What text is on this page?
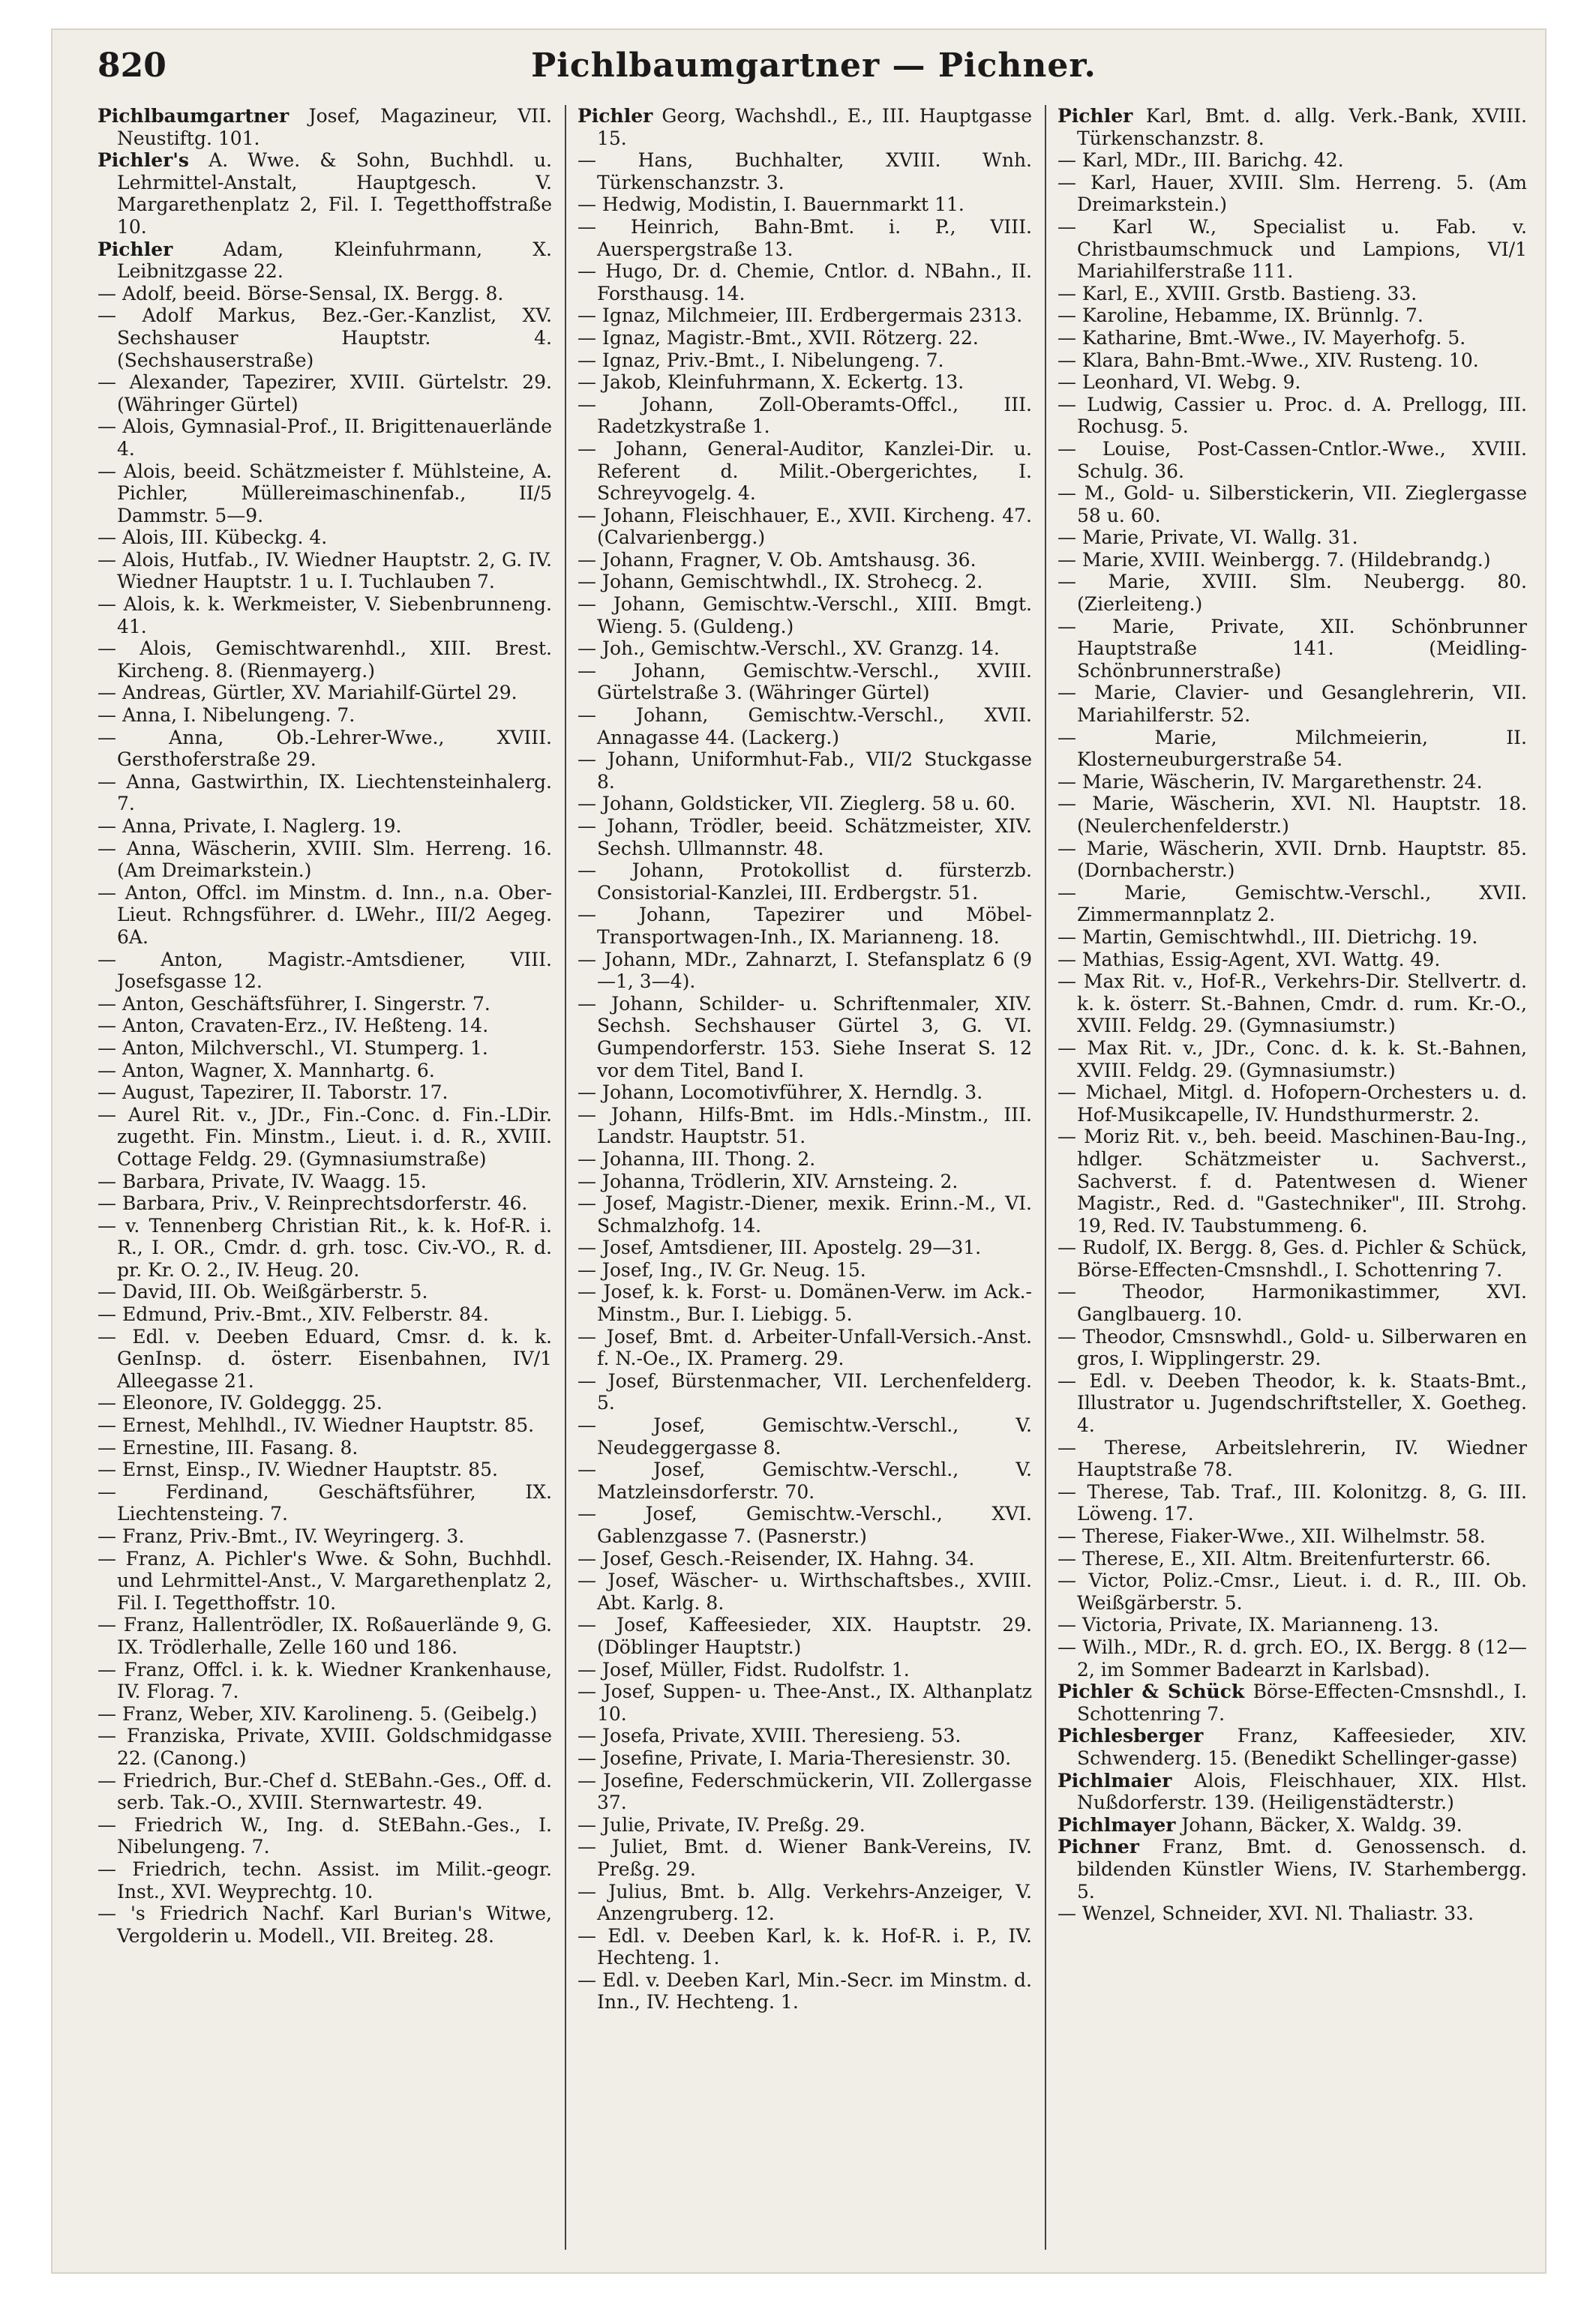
820	Pichlbaumgartner — Pichner.

Pichlbaumgartner Josef, Magazineur, VII. Neustiftg. 101.

Pichler's A. Wwe. & Sohn, Buchhdl. u. Lehrmittel-Anstalt, Hauptgesch. V. Margarethenplatz 2, Fil. I. Tegetthoffstraße 10.

Pichler Adam, Kleinfuhrmann, X. Leibnitzgasse 22.

— Adolf, beeid. Börse-Sensal, IX. Bergg. 8.

— Adolf Markus, Bez.-Ger.-Kanzlist, XV. Sechshauser Hauptstr. 4. (Sechshauserstraße)

— Alexander, Tapezirer, XVIII. Gürtelstr. 29. (Währinger Gürtel)

— Alois, Gymnasial-Prof., II. Brigittenauerlände 4.

— Alois, beeid. Schätzmeister f. Mühlsteine, A. Pichler, Müllereimaschinenfab., II/5 Dammstr. 5—9.

— Alois, III. Kübeckg. 4.

— Alois, Hutfab., IV. Wiedner Hauptstr. 2, G. IV. Wiedner Hauptstr. 1 u. I. Tuchlauben 7.

— Alois, k. k. Werkmeister, V. Siebenbrunneng. 41.

— Alois, Gemischtwarenhdl., XIII. Brest. Kircheng. 8. (Rienmayerg.)

— Andreas, Gürtler, XV. Mariahilf-Gürtel 29.

— Anna, I. Nibelungeng. 7.

— Anna, Ob.-Lehrer-Wwe., XVIII. Gersthoferstraße 29.

— Anna, Gastwirthin, IX. Liechtensteinhalerg. 7.

— Anna, Private, I. Naglerg. 19.

— Anna, Wäscherin, XVIII. Slm. Herreng. 16. (Am Dreimarkstein.)

— Anton, Offcl. im Minstm. d. Inn., n.a. Ober-Lieut. Rchngsführer. d. LWehr., III/2 Aegeg. 6A.

— Anton, Magistr.-Amtsdiener, VIII. Josefsgasse 12.

— Anton, Geschäftsführer, I. Singerstr. 7.

— Anton, Cravaten-Erz., IV. Heßteng. 14.

— Anton, Milchverschl., VI. Stumperg. 1.

— Anton, Wagner, X. Mannhartg. 6.

— August, Tapezirer, II. Taborstr. 17.

— Aurel Rit. v., JDr., Fin.-Conc. d. Fin.-LDir. zugetht. Fin. Minstm., Lieut. i. d. R., XVIII. Cottage Feldg. 29. (Gymnasiumstraße)

— Barbara, Private, IV. Waagg. 15.

— Barbara, Priv., V. Reinprechtsdorferstr. 46.

— v. Tennenberg Christian Rit., k. k. Hof-R. i. R., I. OR., Cmdr. d. grh. tosc. Civ.-VO., R. d. pr. Kr. O. 2., IV. Heug. 20.

— David, III. Ob. Weißgärberstr. 5.

— Edmund, Priv.-Bmt., XIV. Felberstr. 84.

— Edl. v. Deeben Eduard, Cmsr. d. k. k. GenInsp. d. österr. Eisenbahnen, IV/1 Alleegasse 21.

— Eleonore, IV. Goldeggg. 25.

— Ernest, Mehlhdl., IV. Wiedner Hauptstr. 85.

— Ernestine, III. Fasang. 8.

— Ernst, Einsp., IV. Wiedner Hauptstr. 85.

— Ferdinand, Geschäftsführer, IX. Liechtensteing. 7.

— Franz, Priv.-Bmt., IV. Weyringerg. 3.

— Franz, A. Pichler's Wwe. & Sohn, Buchhdl. und Lehrmittel-Anst., V. Margarethenplatz 2, Fil. I. Tegetthoffstr. 10.

— Franz, Hallentrödler, IX. Roßauerlände 9, G. IX. Trödlerhalle, Zelle 160 und 186.

— Franz, Offcl. i. k. k. Wiedner Krankenhause, IV. Florag. 7.

— Franz, Weber, XIV. Karolineng. 5. (Geibelg.)

— Franziska, Private, XVIII. Goldschmidgasse 22. (Canong.)

— Friedrich, Bur.-Chef d. StEBahn.-Ges., Off. d. serb. Tak.-O., XVIII. Sternwartestr. 49.

— Friedrich W., Ing. d. StEBahn.-Ges., I. Nibelungeng. 7.

— Friedrich, techn. Assist. im Milit.-geogr. Inst., XVI. Weyprechtg. 10.

— 's Friedrich Nachf. Karl Burian's Witwe, Vergolderin u. Modell., VII. Breiteg. 28.

Pichler Georg, Wachshdl., E., III. Hauptgasse 15.

— Hans, Buchhalter, XVIII. Wnh. Türkenschanzstr. 3.

— Hedwig, Modistin, I. Bauernmarkt 11.

— Heinrich, Bahn-Bmt. i. P., VIII. Auerspergstraße 13.

— Hugo, Dr. d. Chemie, Cntlor. d. NBahn., II. Forsthausg. 14.

— Ignaz, Milchmeier, III. Erdbergermais 2313.

— Ignaz, Magistr.-Bmt., XVII. Rötzerg. 22.

— Ignaz, Priv.-Bmt., I. Nibelungeng. 7.

— Jakob, Kleinfuhrmann, X. Eckertg. 13.

— Johann, Zoll-Oberamts-Offcl., III. Radetzkystraße 1.

— Johann, General-Auditor, Kanzlei-Dir. u. Referent d. Milit.-Obergerichtes, I. Schreyvogelg. 4.

— Johann, Fleischhauer, E., XVII. Kircheng. 47. (Calvarienbergg.)

— Johann, Fragner, V. Ob. Amtshausg. 36.

— Johann, Gemischtwhdl., IX. Strohecg. 2.

— Johann, Gemischtw.-Verschl., XIII. Bmgt. Wieng. 5. (Guldeng.)

— Joh., Gemischtw.-Verschl., XV. Granzg. 14.

— Johann, Gemischtw.-Verschl., XVIII. Gürtelstraße 3. (Währinger Gürtel)

— Johann, Gemischtw.-Verschl., XVII. Annagasse 44. (Lackerg.)

— Johann, Uniformhut-Fab., VII/2 Stuckgasse 8.

— Johann, Goldsticker, VII. Zieglerg. 58 u. 60.

— Johann, Trödler, beeid. Schätzmeister, XIV. Sechsh. Ullmannstr. 48.

— Johann, Protokollist d. fürsterzb. Consistorial-Kanzlei, III. Erdbergstr. 51.

— Johann, Tapezirer und Möbel-Transportwagen-Inh., IX. Marianneng. 18.

— Johann, MDr., Zahnarzt, I. Stefansplatz 6 (9—1, 3—4).

— Johann, Schilder- u. Schriftenmaler, XIV. Sechsh. Sechshauser Gürtel 3, G. VI. Gumpendorferstr. 153. Siehe Inserat S. 12 vor dem Titel, Band I.

— Johann, Locomotivführer, X. Herndlg. 3.

— Johann, Hilfs-Bmt. im Hdls.-Minstm., III. Landstr. Hauptstr. 51.

— Johanna, III. Thong. 2.

— Johanna, Trödlerin, XIV. Arnsteing. 2.

— Josef, Magistr.-Diener, mexik. Erinn.-M., VI. Schmalzhofg. 14.

— Josef, Amtsdiener, III. Apostelg. 29—31.

— Josef, Ing., IV. Gr. Neug. 15.

— Josef, k. k. Forst- u. Domänen-Verw. im Ack.-Minstm., Bur. I. Liebigg. 5.

— Josef, Bmt. d. Arbeiter-Unfall-Versich.-Anst. f. N.-Oe., IX. Pramerg. 29.

— Josef, Bürstenmacher, VII. Lerchenfelderg. 5.

— Josef, Gemischtw.-Verschl., V. Neudeggergasse 8.

— Josef, Gemischtw.-Verschl., V. Matzleinsdorferstr. 70.

— Josef, Gemischtw.-Verschl., XVI. Gablenzgasse 7. (Pasnerstr.)

— Josef, Gesch.-Reisender, IX. Hahng. 34.

— Josef, Wäscher- u. Wirthschaftsbes., XVIII. Abt. Karlg. 8.

— Josef, Kaffeesieder, XIX. Hauptstr. 29. (Döblinger Hauptstr.)

— Josef, Müller, Fidst. Rudolfstr. 1.

— Josef, Suppen- u. Thee-Anst., IX. Althanplatz 10.

— Josefa, Private, XVIII. Theresieng. 53.

— Josefine, Private, I. Maria-Theresienstr. 30.

— Josefine, Federschmückerin, VII. Zollergasse 37.

— Julie, Private, IV. Preßg. 29.

— Juliet, Bmt. d. Wiener Bank-Vereins, IV. Preßg. 29.

— Julius, Bmt. b. Allg. Verkehrs-Anzeiger, V. Anzengruberg. 12.

— Edl. v. Deeben Karl, k. k. Hof-R. i. P., IV. Hechteng. 1.

— Edl. v. Deeben Karl, Min.-Secr. im Minstm. d. Inn., IV. Hechteng. 1.

Pichler Karl, Bmt. d. allg. Verk.-Bank, XVIII. Türkenschanzstr. 8.

— Karl, MDr., III. Barichg. 42.

— Karl, Hauer, XVIII. Slm. Herreng. 5. (Am Dreimarkstein.)

— Karl W., Specialist u. Fab. v. Christbaumschmuck und Lampions, VI/1 Mariahilferstraße 111.

— Karl, E., XVIII. Grstb. Bastieng. 33.

— Karoline, Hebamme, IX. Brünnlg. 7.

— Katharine, Bmt.-Wwe., IV. Mayerhofg. 5.

— Klara, Bahn-Bmt.-Wwe., XIV. Rusteng. 10.

— Leonhard, VI. Webg. 9.

— Ludwig, Cassier u. Proc. d. A. Prellogg, III. Rochusg. 5.

— Louise, Post-Cassen-Cntlor.-Wwe., XVIII. Schulg. 36.

— M., Gold- u. Silberstickerin, VII. Zieglergasse 58 u. 60.

— Marie, Private, VI. Wallg. 31.

— Marie, XVIII. Weinbergg. 7. (Hildebrandg.)

— Marie, XVIII. Slm. Neubergg. 80. (Zierleiteng.)

— Marie, Private, XII. Schönbrunner Hauptstraße 141. (Meidling-Schönbrunnerstraße)

— Marie, Clavier- und Gesanglehrerin, VII. Mariahilferstr. 52.

— Marie, Milchmeierin, II. Klosterneuburgerstraße 54.

— Marie, Wäscherin, IV. Margarethenstr. 24.

— Marie, Wäscherin, XVI. Nl. Hauptstr. 18. (Neulerchenfelderstr.)

— Marie, Wäscherin, XVII. Drnb. Hauptstr. 85. (Dornbacherstr.)

— Marie, Gemischtw.-Verschl., XVII. Zimmermannplatz 2.

— Martin, Gemischtwhdl., III. Dietrichg. 19.

— Mathias, Essig-Agent, XVI. Wattg. 49.

— Max Rit. v., Hof-R., Verkehrs-Dir. Stellvertr. d. k. k. österr. St.-Bahnen, Cmdr. d. rum. Kr.-O., XVIII. Feldg. 29. (Gymnasiumstr.)

— Max Rit. v., JDr., Conc. d. k. k. St.-Bahnen, XVIII. Feldg. 29. (Gymnasiumstr.)

— Michael, Mitgl. d. Hofopern-Orchesters u. d. Hof-Musikcapelle, IV. Hundsthurmerstr. 2.

— Moriz Rit. v., beh. beeid. Maschinen-Bau-Ing., hdlger. Schätzmeister u. Sachverst., Sachverst. f. d. Patentwesen d. Wiener Magistr., Red. d. "Gastechniker", III. Strohg. 19, Red. IV. Taubstummeng. 6.

— Rudolf, IX. Bergg. 8, Ges. d. Pichler & Schück, Börse-Effecten-Cmsnshdl., I. Schottenring 7.

— Theodor, Harmonikastimmer, XVI. Ganglbauerg. 10.

— Theodor, Cmsnswhdl., Gold- u. Silberwaren en gros, I. Wipplingerstr. 29.

— Edl. v. Deeben Theodor, k. k. Staats-Bmt., Illustrator u. Jugendschriftsteller, X. Goetheg. 4.

— Therese, Arbeitslehrerin, IV. Wiedner Hauptstraße 78.

— Therese, Tab. Traf., III. Kolonitzg. 8, G. III. Löweng. 17.

— Therese, Fiaker-Wwe., XII. Wilhelmstr. 58.

— Therese, E., XII. Altm. Breitenfurterstr. 66.

— Victor, Poliz.-Cmsr., Lieut. i. d. R., III. Ob. Weißgärberstr. 5.

— Victoria, Private, IX. Marianneng. 13.

— Wilh., MDr., R. d. grch. EO., IX. Bergg. 8 (12—2, im Sommer Badearzt in Karlsbad).

Pichler & Schück Börse-Effecten-Cmsnshdl., I. Schottenring 7.

Pichlesberger Franz, Kaffeesieder, XIV. Schwenderg. 15. (Benedikt Schellinger-gasse)

Pichlmaier Alois, Fleischhauer, XIX. Hlst. Nußdorferstr. 139. (Heiligenstädterstr.)

Pichlmayer Johann, Bäcker, X. Waldg. 39.

Pichner Franz, Bmt. d. Genossensch. d. bildenden Künstler Wiens, IV. Starhembergg. 5.

— Wenzel, Schneider, XVI. Nl. Thaliastr. 33.
